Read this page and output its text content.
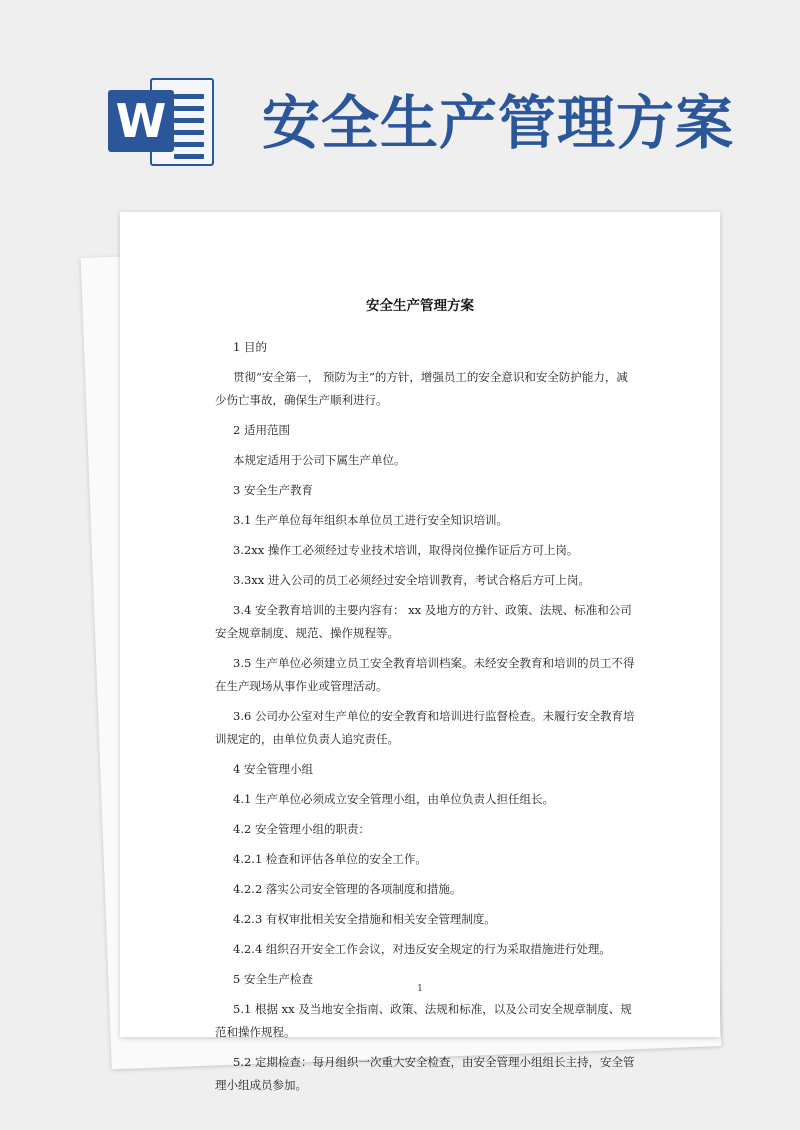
W 安全生产管理方案
安全生产管理方案

1 目的

贯彻“安全第一， 预防为主”的方针，增强员工的安全意识和安全防护能力，减少伤亡事故，确保生产顺利进行。

2 适用范围

本规定适用于公司下属生产单位。

3 安全生产教育

3.1 生产单位每年组织本单位员工进行安全知识培训。

3.2xx 操作工必须经过专业技术培训，取得岗位操作证后方可上岗。

3.3xx 进入公司的员工必须经过安全培训教育，考试合格后方可上岗。

3.4 安全教育培训的主要内容有： xx 及地方的方针、政策、法规、标准和公司安全规章制度、规范、操作规程等。

3.5 生产单位必须建立员工安全教育培训档案。未经安全教育和培训的员工不得在生产现场从事作业或管理活动。

3.6 公司办公室对生产单位的安全教育和培训进行监督检查。未履行安全教育培训规定的，由单位负责人追究责任。

4 安全管理小组

4.1 生产单位必须成立安全管理小组，由单位负责人担任组长。

4.2 安全管理小组的职责：

4.2.1 检查和评估各单位的安全工作。

4.2.2 落实公司安全管理的各项制度和措施。

4.2.3 有权审批相关安全措施和相关安全管理制度。

4.2.4 组织召开安全工作会议，对违反安全规定的行为采取措施进行处理。

5 安全生产检查

5.1 根据 xx 及当地安全指南、政策、法规和标准，以及公司安全规章制度、规范和操作规程。

5.2 定期检查：每月组织一次重大安全检查，由安全管理小组组长主持，安全管理小组成员参加。

1
